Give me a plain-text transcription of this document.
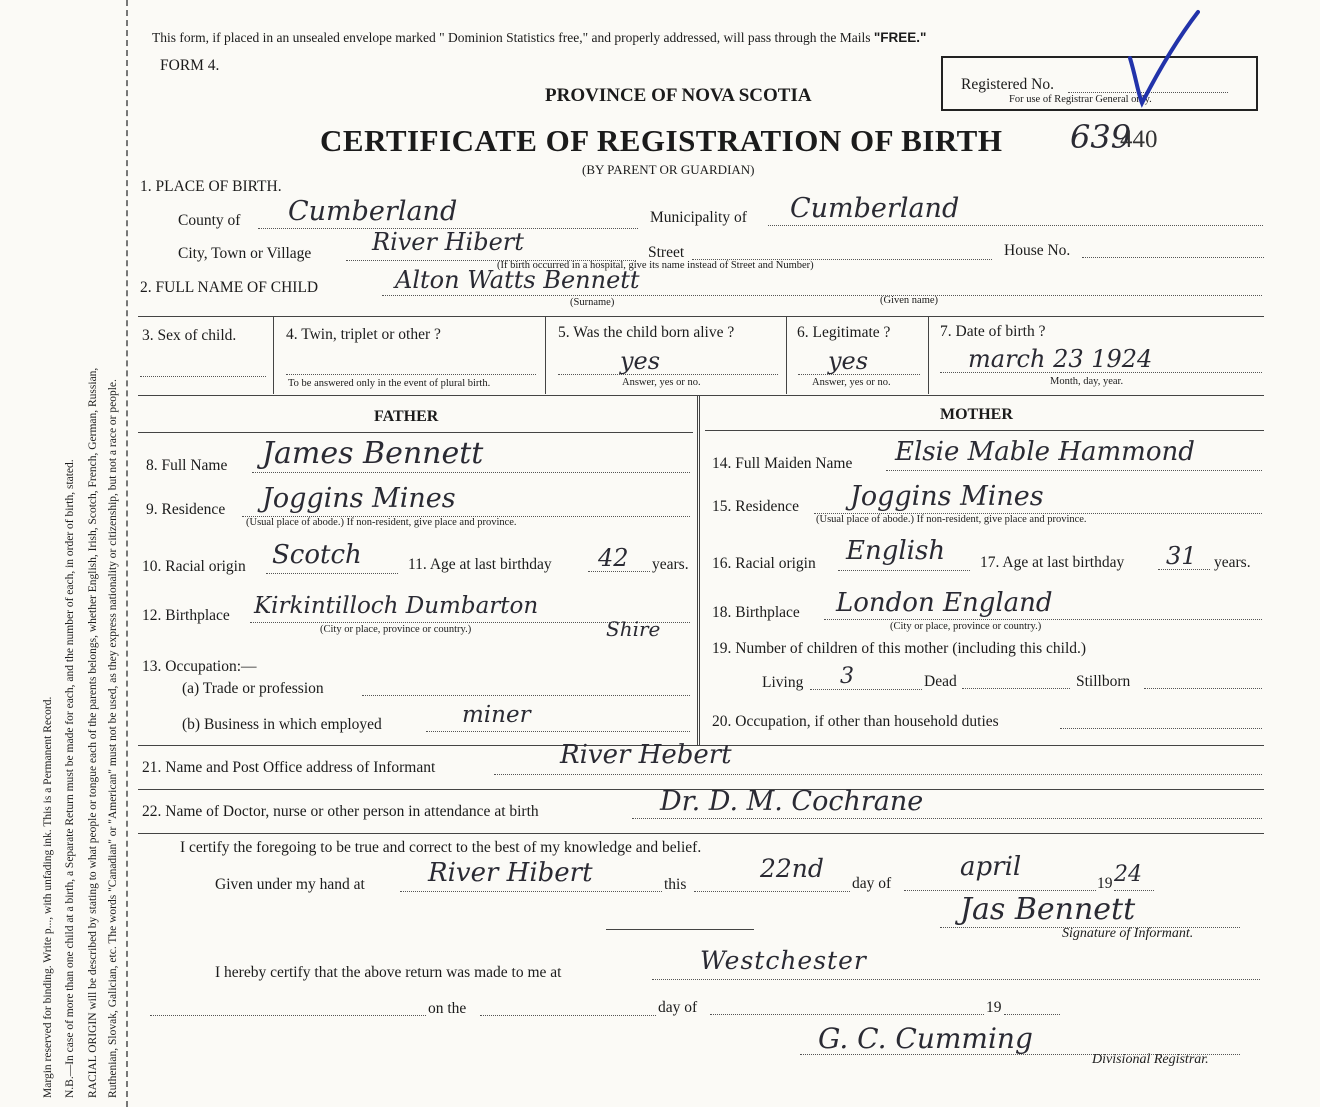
Margin reserved for binding. Write p..., with unfading ink. This is a Permanent Record. N.B.—In case of more than one child at a birth, a Separate Return must be made for each, and the number of each, in order of birth, stated. RACIAL ORIGIN will be described by stating to what people or tongue each of the parents belongs, whether English, Irish, Scotch, French, German, Russian, Ruthenian, Slovak, Galician, etc. The words "Canadian" or "American" must not be used, as they express nationality or citizenship, but not a race or people.
This form, if placed in an unsealed envelope marked " Dominion Statistics free," and properly addressed, will pass through the Mails "FREE."
FORM 4.
PROVINCE OF NOVA SCOTIA
CERTIFICATE OF REGISTRATION OF BIRTH 639
440
(BY PARENT OR GUARDIAN)
Registered No.
For use of Registrar General only.
1. PLACE OF BIRTH.
County of Cumberland	Municipality of Cumberland
City, Town or Village	River Hibert	Street
(If birth occurred in a hospital, give its name instead of Street and Number)
House No.
2. FULL NAME OF CHILD	Alton Watts Bennett
(Surname)	(Given name)
3. Sex of child.	4. Twin, triplet or other ?
To be answered only in the event of plural birth.
5. Was the child born alive ?
yes
Answer, yes or no.
6. Legitimate ?
yes
Answer, yes or no.
7. Date of birth ?
march 23 1924
Month, day, year.
FATHER	MOTHER
8. Full Name James Bennett
9. Residence Joggins Mines
(Usual place of abode.) If non-resident, give place and province.
10. Racial origin Scotch	11. Age at last birthday 42 years.
12. Birthplace Kirkintilloch Dumbarton
Shire
(City or place, province or country.)
13. Occupation:—
(a) Trade or profession
(b) Business in which employed	miner
14. Full Maiden Name Elsie Mable Hammond
15. Residence Joggins Mines
(Usual place of abode.) If non-resident, give place and province.
16. Racial origin English 17. Age at last birthday 31 years.
18. Birthplace London England
(City or place, province or country.)
19. Number of children of this mother (including this child.)
Living 3	Dead	Stillborn
20. Occupation, if other than household duties
21. Name and Post Office address of Informant	River Hebert
22. Name of Doctor, nurse or other person in attendance at birth	Dr. D. M. Cochrane
I certify the foregoing to be true and correct to the best of my knowledge and belief.
Given under my hand at River Hibert	this
22nd
day of
april
19 24
Jas Bennett
Signature of Informant.
I hereby certify that the above return was made to me at	Westchester
on the	day of	19
G. C. Cumming
Divisional Registrar.
